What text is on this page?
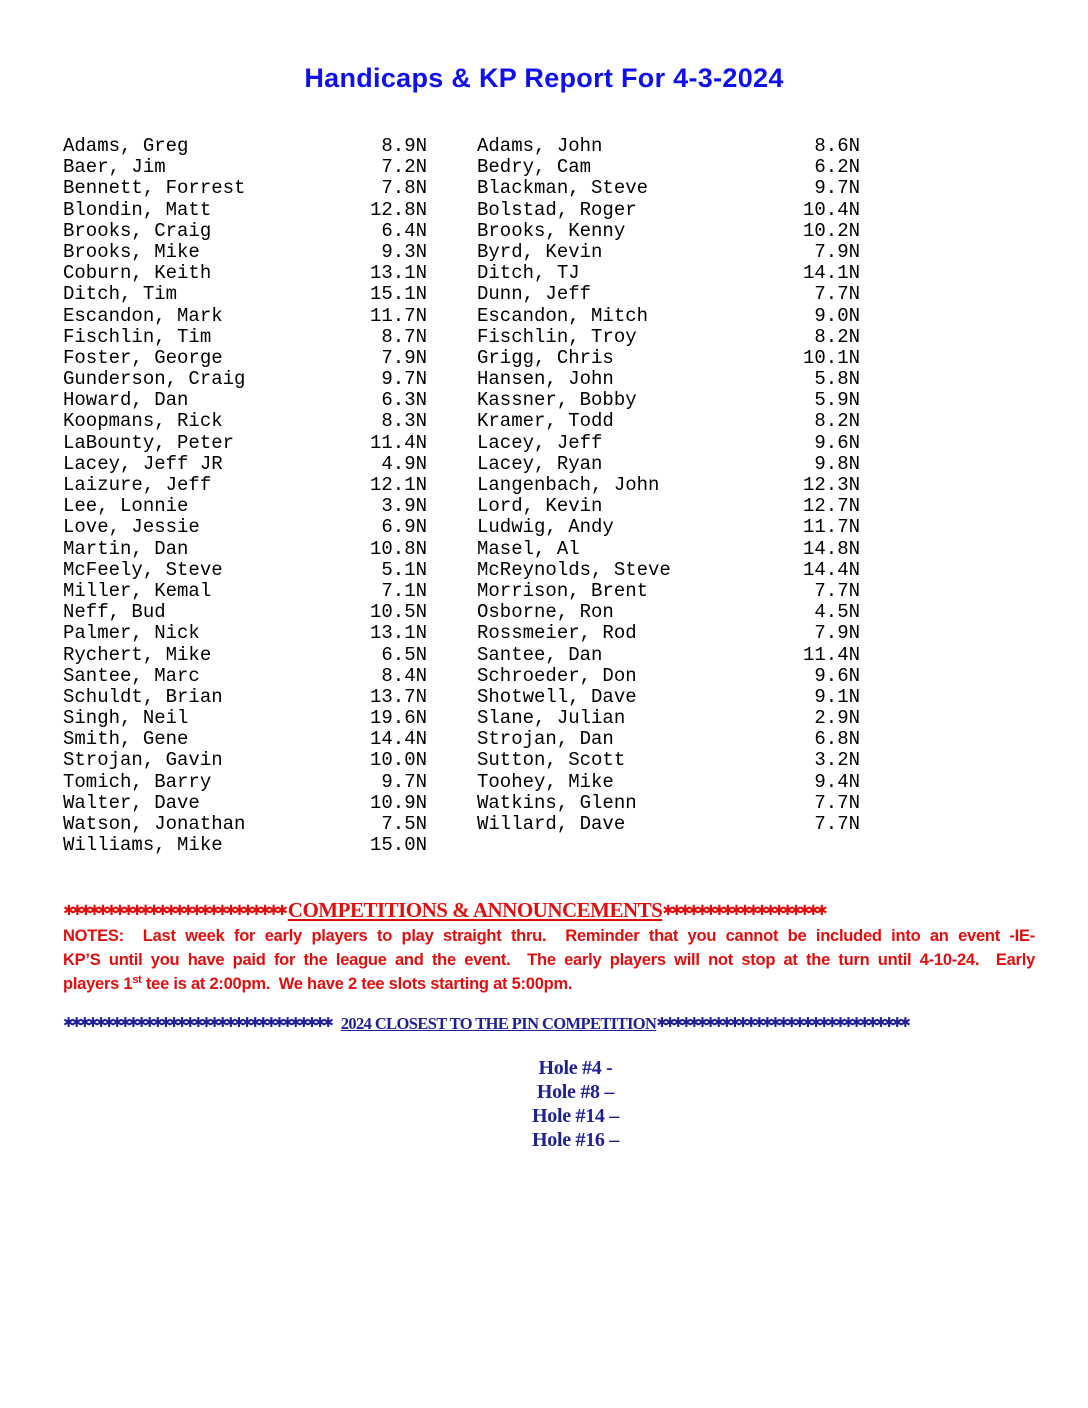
Handicaps & KP Report For 4-3-2024
Adams, Greg	8.9N
Baer, Jim	7.2N
Bennett, Forrest	7.8N
Blondin, Matt	12.8N
Brooks, Craig	6.4N
Brooks, Mike	9.3N
Coburn, Keith	13.1N
Ditch, Tim	15.1N
Escandon, Mark	11.7N
Fischlin, Tim	8.7N
Foster, George	7.9N
Gunderson, Craig	9.7N
Howard, Dan	6.3N
Koopmans, Rick	8.3N
LaBounty, Peter	11.4N
Lacey, Jeff JR	4.9N
Laizure, Jeff	12.1N
Lee, Lonnie	3.9N
Love, Jessie	6.9N
Martin, Dan	10.8N
McFeely, Steve	5.1N
Miller, Kemal	7.1N
Neff, Bud	10.5N
Palmer, Nick	13.1N
Rychert, Mike	6.5N
Santee, Marc	8.4N
Schuldt, Brian	13.7N
Singh, Neil	19.6N
Smith, Gene	14.4N
Strojan, Gavin	10.0N
Tomich, Barry	9.7N
Walter, Dave	10.9N
Watson, Jonathan	7.5N
Williams, Mike	15.0N
Adams, John	8.6N
Bedry, Cam	6.2N
Blackman, Steve	9.7N
Bolstad, Roger	10.4N
Brooks, Kenny	10.2N
Byrd, Kevin	7.9N
Ditch, TJ	14.1N
Dunn, Jeff	7.7N
Escandon, Mitch	9.0N
Fischlin, Troy	8.2N
Grigg, Chris	10.1N
Hansen, John	5.8N
Kassner, Bobby	5.9N
Kramer, Todd	8.2N
Lacey, Jeff	9.6N
Lacey, Ryan	9.8N
Langenbach, John	12.3N
Lord, Kevin	12.7N
Ludwig, Andy	11.7N
Masel, Al	14.8N
McReynolds, Steve	14.4N
Morrison, Brent	7.7N
Osborne, Ron	4.5N
Rossmeier, Rod	7.9N
Santee, Dan	11.4N
Schroeder, Don	9.6N
Shotwell, Dave	9.1N
Slane, Julian	2.9N
Strojan, Dan	6.8N
Sutton, Scott	3.2N
Toohey, Mike	9.4N
Watkins, Glenn	7.7N
Willard, Dave	7.7N
✱✱✱✱✱✱✱✱✱✱✱✱✱✱✱✱✱✱✱✱✱✱✱✱✱✱ COMPETITIONS & ANNOUNCEMENTS✱✱✱✱✱✱✱✱✱✱✱✱✱✱✱✱✱✱✱
NOTES:  Last week for early players to play straight thru.  Reminder that you cannot be included into an event -IE-
KP’S until you have paid for the league and the event.  The early players will not stop at the turn until 4-10-24.  Early
players 1st tee is at 2:00pm.  We have 2 tee slots starting at 5:00pm.
✱✱✱✱✱✱✱✱✱✱✱✱✱✱✱✱✱✱✱✱✱✱✱✱✱✱✱✱✱✱✱✱✱ 2024 CLOSEST TO THE PIN COMPETITION✱✱✱✱✱✱✱✱✱✱✱✱✱✱✱✱✱✱✱✱✱✱✱✱✱✱✱✱✱✱✱
Hole #4 -
Hole #8 –
Hole #14 –
Hole #16 –
